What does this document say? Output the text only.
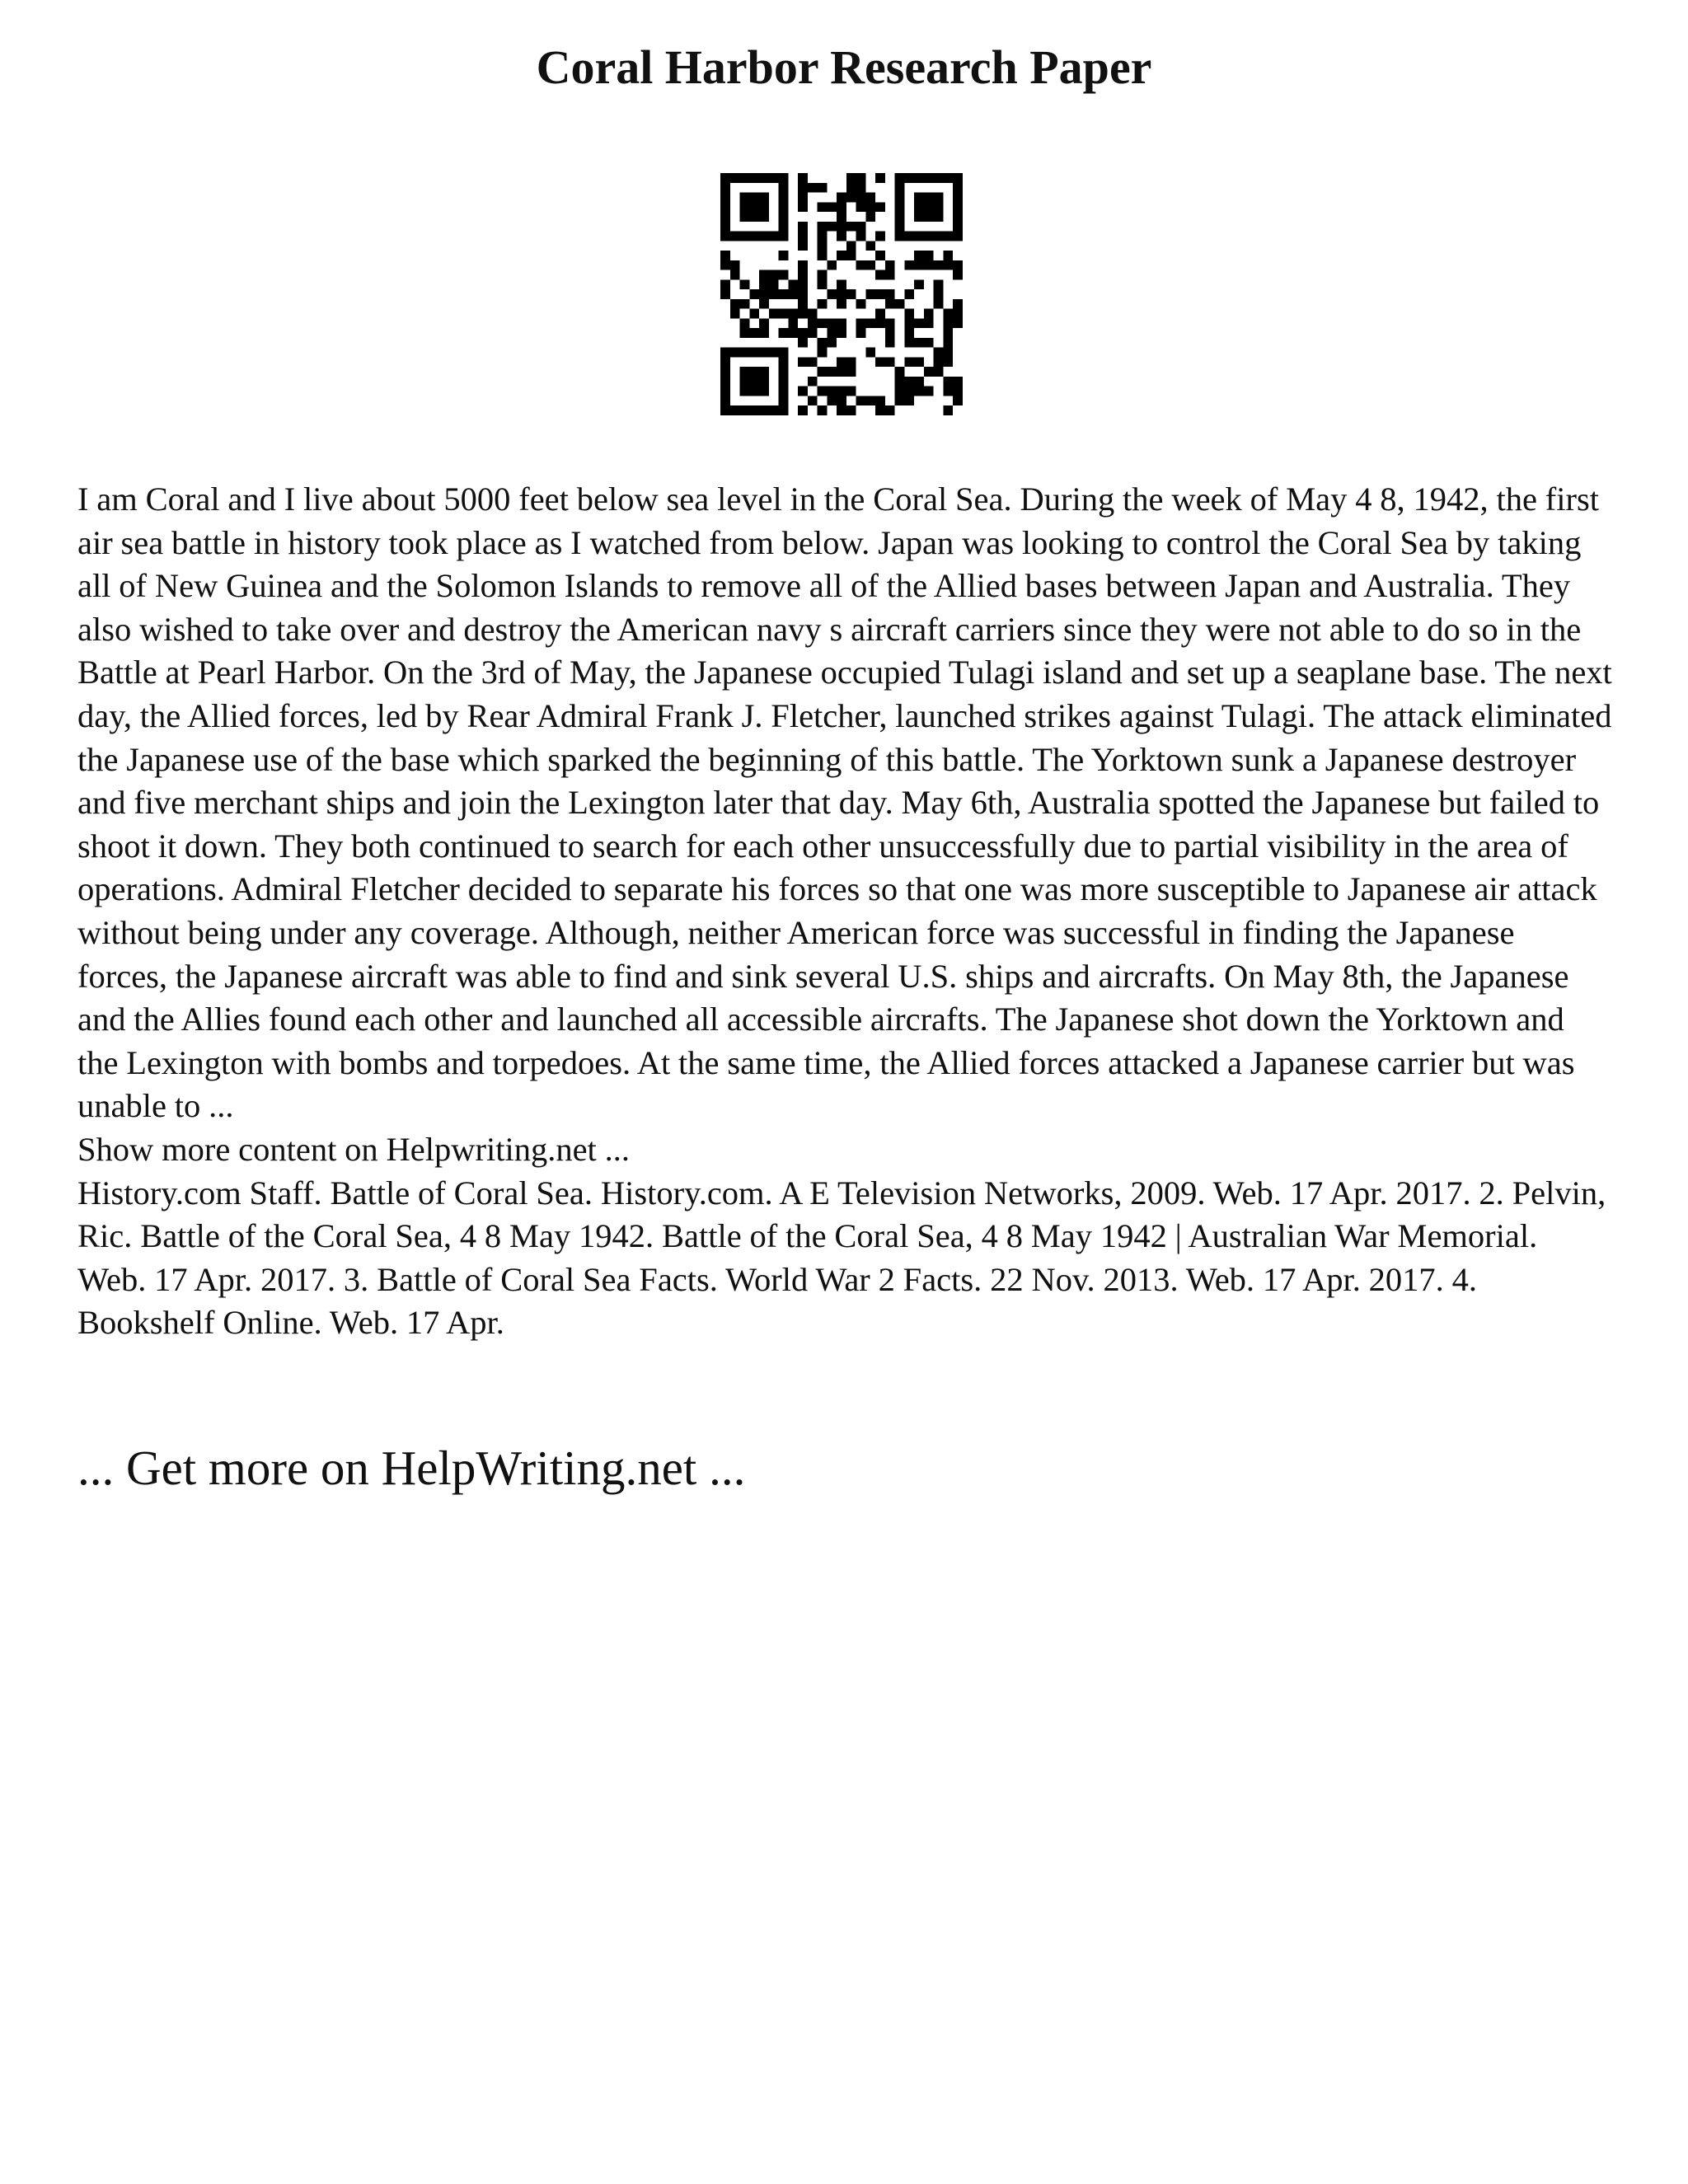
Coral Harbor Research Paper

I am Coral and I live about 5000 feet below sea level in the Coral Sea. During the week of May 4 8, 1942, the first air sea battle in history took place as I watched from below. Japan was looking to control the Coral Sea by taking all of New Guinea and the Solomon Islands to remove all of the Allied bases between Japan and Australia. They also wished to take over and destroy the American navy s aircraft carriers since they were not able to do so in the Battle at Pearl Harbor. On the 3rd of May, the Japanese occupied Tulagi island and set up a seaplane base. The next day, the Allied forces, led by Rear Admiral Frank J. Fletcher, launched strikes against Tulagi. The attack eliminated the Japanese use of the base which sparked the beginning of this battle. The Yorktown sunk a Japanese destroyer and five merchant ships and join the Lexington later that day. May 6th, Australia spotted the Japanese but failed to shoot it down. They both continued to search for each other unsuccessfully due to partial visibility in the area of operations. Admiral Fletcher decided to separate his forces so that one was more susceptible to Japanese air attack without being under any coverage. Although, neither American force was successful in finding the Japanese forces, the Japanese aircraft was able to find and sink several U.S. ships and aircrafts. On May 8th, the Japanese and the Allies found each other and launched all accessible aircrafts. The Japanese shot down the Yorktown and the Lexington with bombs and torpedoes. At the same time, the Allied forces attacked a Japanese carrier but was unable to ...

Show more content on Helpwriting.net ...

History.com Staff. Battle of Coral Sea. History.com. A E Television Networks, 2009. Web. 17 Apr. 2017. 2. Pelvin, Ric. Battle of the Coral Sea, 4 8 May 1942. Battle of the Coral Sea, 4 8 May 1942 | Australian War Memorial. Web. 17 Apr. 2017. 3. Battle of Coral Sea Facts. World War 2 Facts. 22 Nov. 2013. Web. 17 Apr. 2017. 4. Bookshelf Online. Web. 17 Apr.

... Get more on HelpWriting.net ...
